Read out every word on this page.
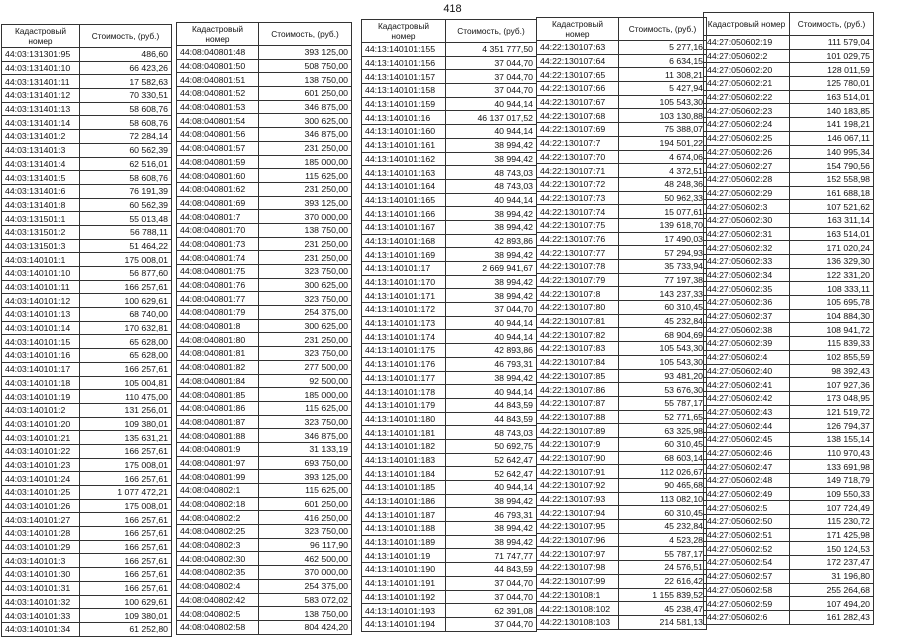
418
Кадастровый номер	Стоимость, (руб.)
44:03:131301:95	486,60
44:03:131401:10	66 423,26
44:03:131401:11	17 582,63
44:03:131401:12	70 330,51
44:03:131401:13	58 608,76
44:03:131401:14	58 608,76
44:03:131401:2	72 284,14
44:03:131401:3	60 562,39
44:03:131401:4	62 516,01
44:03:131401:5	58 608,76
44:03:131401:6	76 191,39
44:03:131401:8	60 562,39
44:03:131501:1	55 013,48
44:03:131501:2	56 788,11
44:03:131501:3	51 464,22
44:03:140101:1	175 008,01
44:03:140101:10	56 877,60
44:03:140101:11	166 257,61
44:03:140101:12	100 629,61
44:03:140101:13	68 740,00
44:03:140101:14	170 632,81
44:03:140101:15	65 628,00
44:03:140101:16	65 628,00
44:03:140101:17	166 257,61
44:03:140101:18	105 004,81
44:03:140101:19	110 475,00
44:03:140101:2	131 256,01
44:03:140101:20	109 380,01
44:03:140101:21	135 631,21
44:03:140101:22	166 257,61
44:03:140101:23	175 008,01
44:03:140101:24	166 257,61
44:03:140101:25	1 077 472,21
44:03:140101:26	175 008,01
44:03:140101:27	166 257,61
44:03:140101:28	166 257,61
44:03:140101:29	166 257,61
44:03:140101:3	166 257,61
44:03:140101:30	166 257,61
44:03:140101:31	166 257,61
44:03:140101:32	100 629,61
44:03:140101:33	109 380,01
44:03:140101:34	61 252,80
Кадастровый номер	Стоимость, (руб.)
44:08:040801:48	393 125,00
44:08:040801:50	508 750,00
44:08:040801:51	138 750,00
44:08:040801:52	601 250,00
44:08:040801:53	346 875,00
44:08:040801:54	300 625,00
44:08:040801:56	346 875,00
44:08:040801:57	231 250,00
44:08:040801:59	185 000,00
44:08:040801:60	115 625,00
44:08:040801:62	231 250,00
44:08:040801:69	393 125,00
44:08:040801:7	370 000,00
44:08:040801:70	138 750,00
44:08:040801:73	231 250,00
44:08:040801:74	231 250,00
44:08:040801:75	323 750,00
44:08:040801:76	300 625,00
44:08:040801:77	323 750,00
44:08:040801:79	254 375,00
44:08:040801:8	300 625,00
44:08:040801:80	231 250,00
44:08:040801:81	323 750,00
44:08:040801:82	277 500,00
44:08:040801:84	92 500,00
44:08:040801:85	185 000,00
44:08:040801:86	115 625,00
44:08:040801:87	323 750,00
44:08:040801:88	346 875,00
44:08:040801:9	31 133,19
44:08:040801:97	693 750,00
44:08:040801:99	393 125,00
44:08:040802:1	115 625,00
44:08:040802:18	601 250,00
44:08:040802:2	416 250,00
44:08:040802:25	323 750,00
44:08:040802:3	96 117,90
44:08:040802:30	462 500,00
44:08:040802:35	370 000,00
44:08:040802:4	254 375,00
44:08:040802:42	583 072,02
44:08:040802:5	138 750,00
44:08:040802:58	804 424,20
Кадастровый номер	Стоимость, (руб.)
44:13:140101:155	4 351 777,50
44:13:140101:156	37 044,70
44:13:140101:157	37 044,70
44:13:140101:158	37 044,70
44:13:140101:159	40 944,14
44:13:140101:16	46 137 017,52
44:13:140101:160	40 944,14
44:13:140101:161	38 994,42
44:13:140101:162	38 994,42
44:13:140101:163	48 743,03
44:13:140101:164	48 743,03
44:13:140101:165	40 944,14
44:13:140101:166	38 994,42
44:13:140101:167	38 994,42
44:13:140101:168	42 893,86
44:13:140101:169	38 994,42
44:13:140101:17	2 669 941,67
44:13:140101:170	38 994,42
44:13:140101:171	38 994,42
44:13:140101:172	37 044,70
44:13:140101:173	40 944,14
44:13:140101:174	40 944,14
44:13:140101:175	42 893,86
44:13:140101:176	46 793,31
44:13:140101:177	38 994,42
44:13:140101:178	40 944,14
44:13:140101:179	44 843,59
44:13:140101:180	44 843,59
44:13:140101:181	48 743,03
44:13:140101:182	50 692,75
44:13:140101:183	52 642,47
44:13:140101:184	52 642,47
44:13:140101:185	40 944,14
44:13:140101:186	38 994,42
44:13:140101:187	46 793,31
44:13:140101:188	38 994,42
44:13:140101:189	38 994,42
44:13:140101:19	71 747,77
44:13:140101:190	44 843,59
44:13:140101:191	37 044,70
44:13:140101:192	37 044,70
44:13:140101:193	62 391,08
44:13:140101:194	37 044,70
Кадастровый номер	Стоимость, (руб.)
44:22:130107:63	5 277,16
44:22:130107:64	6 634,15
44:22:130107:65	11 308,21
44:22:130107:66	5 427,94
44:22:130107:67	105 543,30
44:22:130107:68	103 130,88
44:22:130107:69	75 388,07
44:22:130107:7	194 501,22
44:22:130107:70	4 674,06
44:22:130107:71	4 372,51
44:22:130107:72	48 248,36
44:22:130107:73	50 962,33
44:22:130107:74	15 077,61
44:22:130107:75	139 618,70
44:22:130107:76	17 490,03
44:22:130107:77	57 294,93
44:22:130107:78	35 733,94
44:22:130107:79	77 197,38
44:22:130107:8	143 237,33
44:22:130107:80	60 310,45
44:22:130107:81	45 232,84
44:22:130107:82	68 904,69
44:22:130107:83	105 543,30
44:22:130107:84	105 543,30
44:22:130107:85	93 481,20
44:22:130107:86	53 676,30
44:22:130107:87	55 787,17
44:22:130107:88	52 771,65
44:22:130107:89	63 325,98
44:22:130107:9	60 310,45
44:22:130107:90	68 603,14
44:22:130107:91	112 026,67
44:22:130107:92	90 465,68
44:22:130107:93	113 082,10
44:22:130107:94	60 310,45
44:22:130107:95	45 232,84
44:22:130107:96	4 523,28
44:22:130107:97	55 787,17
44:22:130107:98	24 576,51
44:22:130107:99	22 616,42
44:22:130108:1	1 155 839,52
44:22:130108:102	45 238,47
44:22:130108:103	214 581,13
Кадастровый номер	Стоимость, (руб.)
44:27:050602:19	111 579,04
44:27:050602:2	101 029,75
44:27:050602:20	128 011,59
44:27:050602:21	125 780,01
44:27:050602:22	163 514,01
44:27:050602:23	140 183,85
44:27:050602:24	141 198,21
44:27:050602:25	146 067,11
44:27:050602:26	140 995,34
44:27:050602:27	154 790,56
44:27:050602:28	152 558,98
44:27:050602:29	161 688,18
44:27:050602:3	107 521,62
44:27:050602:30	163 311,14
44:27:050602:31	163 514,01
44:27:050602:32	171 020,24
44:27:050602:33	136 329,30
44:27:050602:34	122 331,20
44:27:050602:35	108 333,11
44:27:050602:36	105 695,78
44:27:050602:37	104 884,30
44:27:050602:38	108 941,72
44:27:050602:39	115 839,33
44:27:050602:4	102 855,59
44:27:050602:40	98 392,43
44:27:050602:41	107 927,36
44:27:050602:42	173 048,95
44:27:050602:43	121 519,72
44:27:050602:44	126 794,37
44:27:050602:45	138 155,14
44:27:050602:46	110 970,43
44:27:050602:47	133 691,98
44:27:050602:48	149 718,79
44:27:050602:49	109 550,33
44:27:050602:5	107 724,49
44:27:050602:50	115 230,72
44:27:050602:51	171 425,98
44:27:050602:52	150 124,53
44:27:050602:54	172 237,47
44:27:050602:57	31 196,80
44:27:050602:58	255 264,68
44:27:050602:59	107 494,20
44:27:050602:6	161 282,43
